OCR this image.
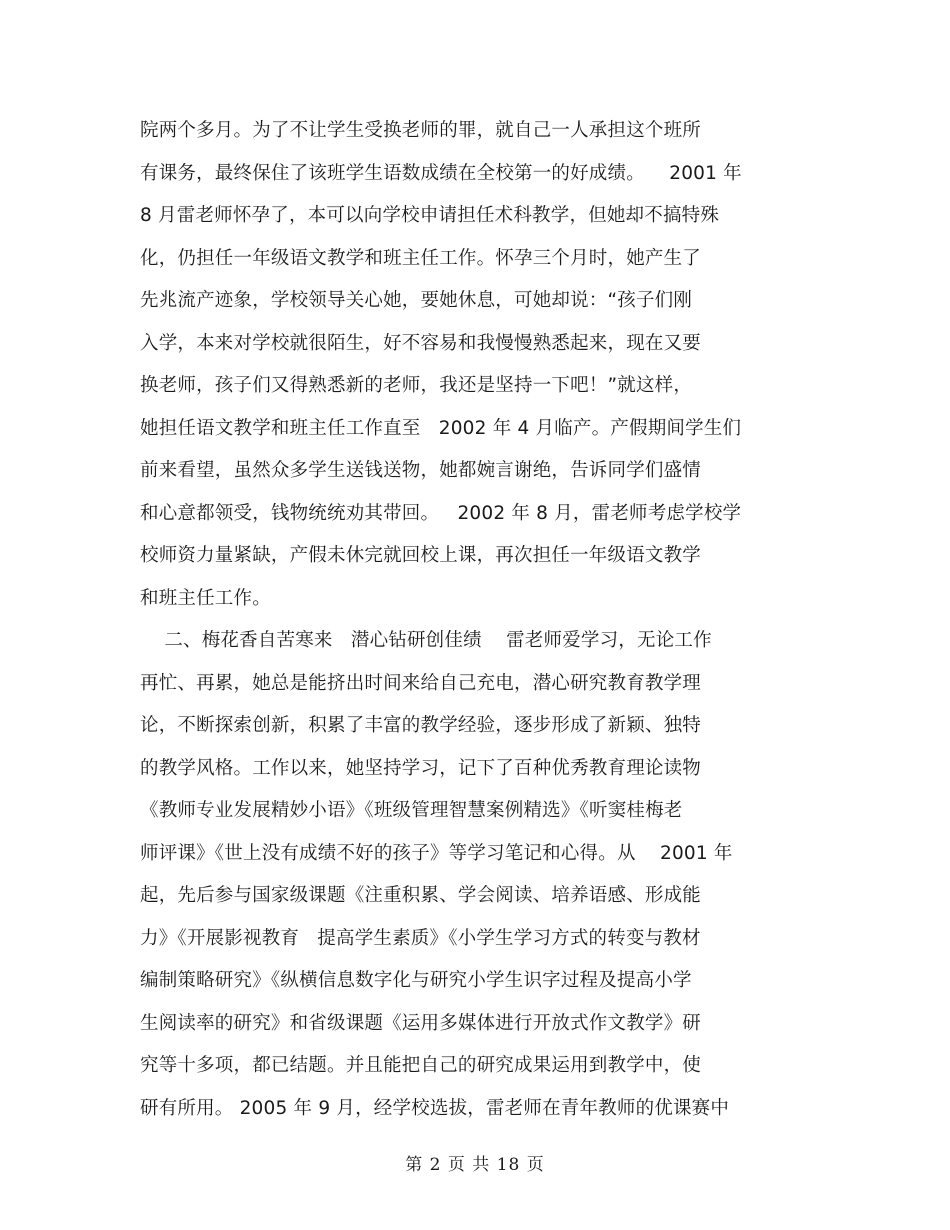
院两个多月。为了不让学生受换老师的罪，就自己一人承担这个班所
有课务，最终保住了该班学生语数成绩在全校第一的好成绩。    2001 年
8 月雷老师怀孕了，本可以向学校申请担任术科教学，但她却不搞特殊
化，仍担任一年级语文教学和班主任工作。怀孕三个月时，她产生了
先兆流产迹象，学校领导关心她，要她休息，可她却说：“孩子们刚
入学，本来对学校就很陌生，好不容易和我慢慢熟悉起来，现在又要
换老师，孩子们又得熟悉新的老师，我还是坚持一下吧！”就这样，
她担任语文教学和班主任工作直至   2002 年 4 月临产。产假期间学生们
前来看望，虽然众多学生送钱送物，她都婉言谢绝，告诉同学们盛情
和心意都领受，钱物统统劝其带回。   2002 年 8 月，雷老师考虑学校学
校师资力量紧缺，产假未休完就回校上课，再次担任一年级语文教学
和班主任工作。
二、梅花香自苦寒来   潜心钻研创佳绩    雷老师爱学习，无论工作
再忙、再累，她总是能挤出时间来给自己充电，潜心研究教育教学理
论，不断探索创新，积累了丰富的教学经验，逐步形成了新颖、独特
的教学风格。工作以来，她坚持学习，记下了百种优秀教育理论读物
《教师专业发展精妙小语》《班级管理智慧案例精选》《听窦桂梅老
师评课》《世上没有成绩不好的孩子》等学习笔记和心得。从    2001 年
起，先后参与国家级课题《注重积累、学会阅读、培养语感、形成能
力》《开展影视教育   提高学生素质》《小学生学习方式的转变与教材
编制策略研究》《纵横信息数字化与研究小学生识字过程及提高小学
生阅读率的研究》和省级课题《运用多媒体进行开放式作文教学》研
究等十多项，都已结题。并且能把自己的研究成果运用到教学中，使
研有所用。 2005 年 9 月，经学校选拔，雷老师在青年教师的优课赛中
第 2 页 共 18 页
